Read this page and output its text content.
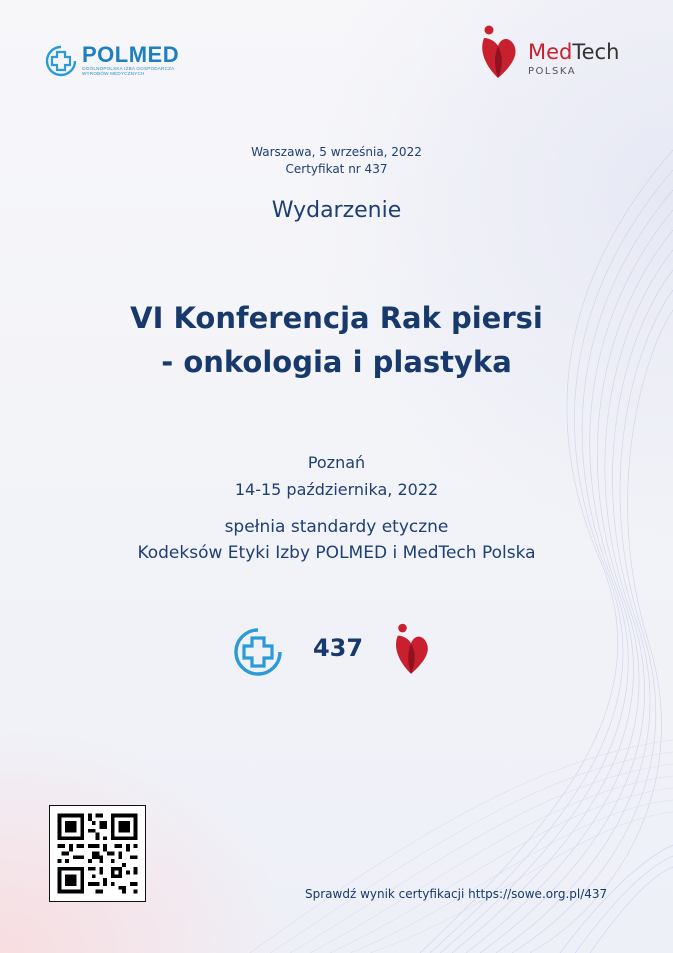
POLMED
OGÓLNOPOLSKA IZBA GOSPODARCZA WYROBÓW MEDYCZNYCH
MedTech
POLSKA
Warszawa, 5 września, 2022
Certyfikat nr 437
Wydarzenie
VI Konferencja Rak piersi
- onkologia i plastyka
Poznań
14-15 października, 2022
spełnia standardy etyczne
Kodeksów Etyki Izby POLMED i MedTech Polska
437
Sprawdź wynik certyfikacji https://sowe.org.pl/437
